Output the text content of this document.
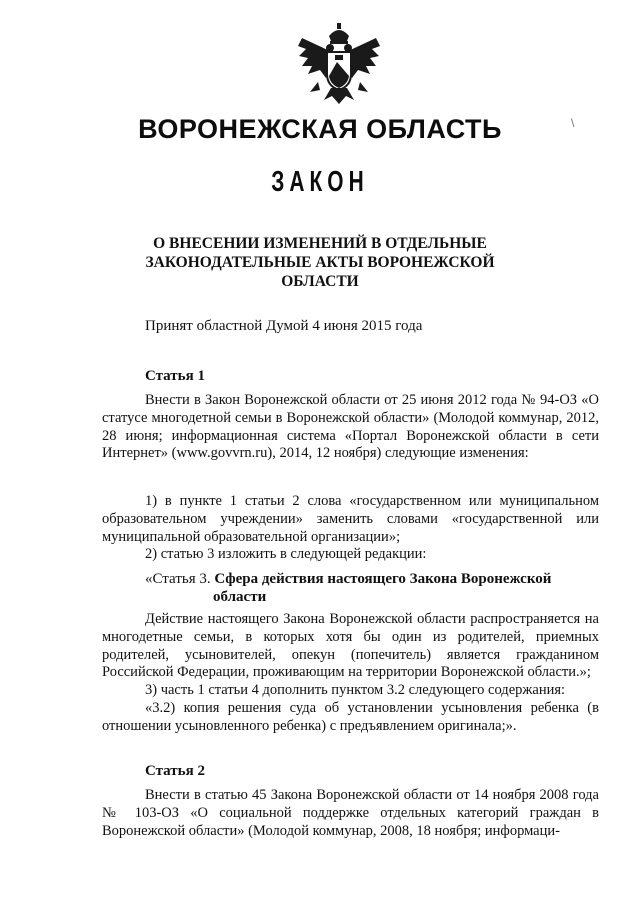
\
ВОРОНЕЖСКАЯ ОБЛАСТЬ
ЗАКОН
О ВНЕСЕНИИ ИЗМЕНЕНИЙ В ОТДЕЛЬНЫЕ
ЗАКОНОДАТЕЛЬНЫЕ АКТЫ ВОРОНЕЖСКОЙ
ОБЛАСТИ
Принят областной Думой 4 июня 2015 года
Статья 1

Внести в Закон Воронежской области от 25 июня 2012 года № 94-ОЗ «О статусе многодетной семьи в Воронежской области» (Молодой коммунар, 2012, 28 июня; информационная система «Портал Воронежской области в сети Интернет» (www.govvrn.ru), 2014, 12 ноября) следующие изменения:

1) в пункте 1 статьи 2 слова «государственном или муниципальном образовательном учреждении» заменить словами «государственной или муниципальной образовательной организации»;

2) статью 3 изложить в следующей редакции:

«Статья 3. Сфера действия настоящего Закона Воронежской
области

Действие настоящего Закона Воронежской области распространяется на многодетные семьи, в которых хотя бы один из родителей, приемных родителей, усыновителей, опекун (попечитель) является гражданином Российской Федерации, проживающим на территории Воронежской области.»;

3) часть 1 статьи 4 дополнить пунктом 3.2 следующего содержания:

«3.2) копия решения суда об установлении усыновления ребенка (в отношении усыновленного ребенка) с предъявлением оригинала;».

Статья 2

Внести в статью 45 Закона Воронежской области от 14 ноября 2008 года № 103-ОЗ «О социальной поддержке отдельных категорий граждан в Воронежской области» (Молодой коммунар, 2008, 18 ноября; информаци-
